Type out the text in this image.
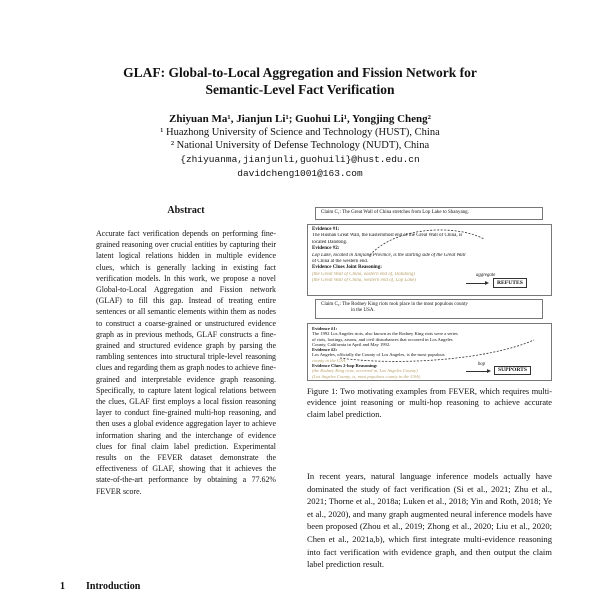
GLAF: Global-to-Local Aggregation and Fission Network for
Semantic-Level Fact Verification
Zhiyuan Ma¹, Jianjun Li¹; Guohui Li¹, Yongjing Cheng²
¹ Huazhong University of Science and Technology (HUST), China
² National University of Defense Technology (NUDT), China
{zhiyuanma,jianjunli,guohuili}@hust.edu.cn
davidcheng1001@163.com
Abstract
Accurate fact verification depends on performing fine-grained reasoning over crucial entities by capturing their latent logical relations hidden in multiple evidence clues, which is generally lacking in existing fact verification models. In this work, we propose a novel Global-to-Local Aggregation and Fission network (GLAF) to fill this gap. Instead of treating entire sentences or all semantic elements within them as nodes to construct a coarse-grained or unstructured evidence graph as in previous methods, GLAF constructs a fine-grained and structured evidence graph by parsing the rambling sentences into structural triple-level reasoning clues and regarding them as graph nodes to achieve fine-grained and interpretable evidence graph reasoning. Specifically, to capture latent logical relations between the clues, GLAF first employs a local fission reasoning layer to conduct fine-grained multi-hop reasoning, and then uses a global evidence aggregation layer to achieve information sharing and the interchange of evidence clues for final claim label prediction. Experimental results on the FEVER dataset demonstrate the effectiveness of GLAF, showing that it achieves the state-of-the-art performance by obtaining a 77.62% FEVER score.
1 Introduction
Claim C₁: The Great Wall of China stretches from Lop Lake to Shanyang.
Evidence #1:
The Hushan Great Wall, the Easternmost end of the Great Wall of China, is
located Dandong.
Evidence #2:
Lop Lake, located in Xinjiang Province, is the starting side of the Great Wall
of China at the western end.
Evidence Clues Joint Reasoning:
(the Great Wall of China, eastern end of, Dandong)
(the Great Wall of China, western end of, Lop Lake)
aggregate
REFUTES
Claim C₂: The Rodney King riots took place in the most populous county
in the USA.
Evidence #1:
The 1992 Los Angeles riots, also known as the Rodney King riots were a series
of riots, lootings, arsons, and civil disturbances that occurred in Los Angeles
County, California in April and May 1992.
Evidence #2:
Los Angeles, officially the County of Los Angeles, is the most populous
county in the USA.
Evidence Clues 2-hop Reasoning:
(the Rodney King riots, occurred in, Los Angeles County)
(Los Angeles County, is, most populous county in the USA)
hop
SUPPORTS
Figure 1: Two motivating examples from FEVER, which requires multi-evidence joint reasoning or multi-hop reasoning to achieve accurate claim label prediction.
In recent years, natural language inference models actually have dominated the study of fact verification (Si et al., 2021; Zhu et al., 2021; Thorne et al., 2018a; Luken et al., 2018; Yin and Roth, 2018; Ye et al., 2020), and many graph augmented neural inference models have been proposed (Zhou et al., 2019; Zhong et al., 2020; Liu et al., 2020; Chen et al., 2021a,b), which first integrate multi-evidence reasoning into fact verification with evidence graph, and then output the claim label prediction result.
